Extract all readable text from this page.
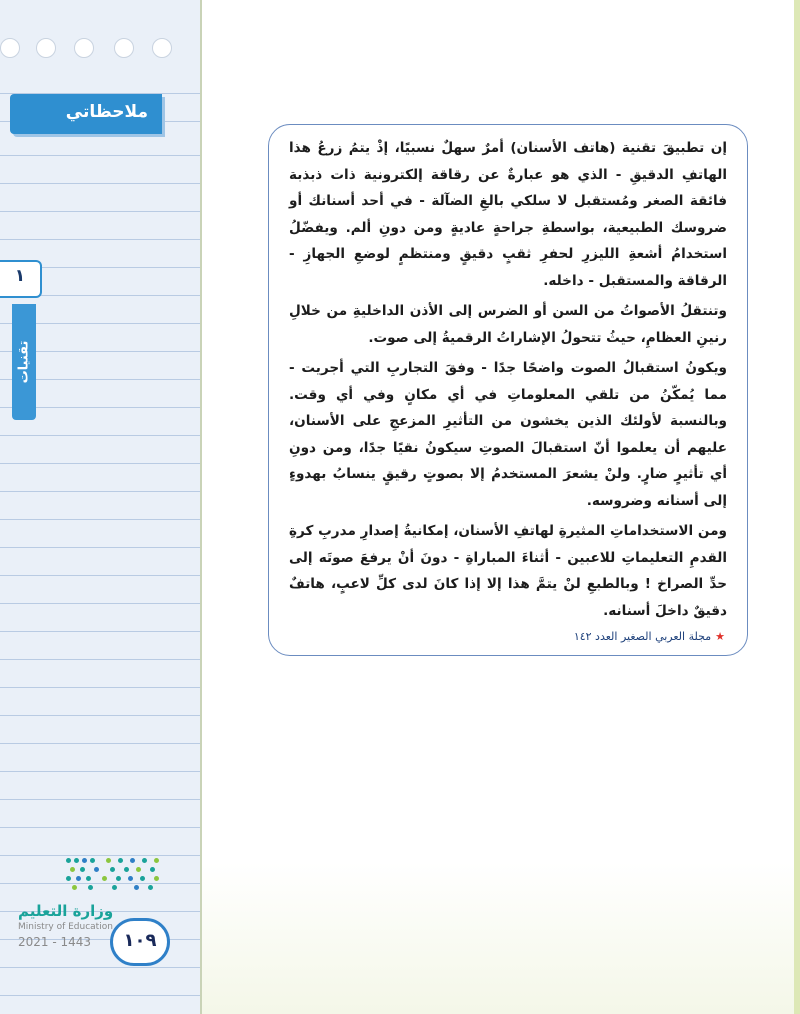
ملاحظاتي
١
تقنيات
وزارة التعليم
Ministry of Education
2021 - 1443	١٠٩

إن تطبيقَ تقنية (هاتف الأسنان) أمرٌ سهلٌ نسبيًا، إذْ يتمُ زرعُ هذا الهاتفِ الدقيقِ - الذي هو عبارةٌ عن رقاقة إلكترونية ذات ذبذبة فائقة الصغر ومُستقبل لا سلكي بالغِ الضآلة - في أحد أسنانك أو ضروسك الطبيعية، بواسطةِ جراحةٍ عاديةٍ ومن دونِ ألم. ويفضّلُ استخدامُ أشعةِ الليزرِ لحفرِ ثقبٍ دقيقٍ ومنتظمٍ لوضعِ الجهازِ - الرقاقة والمستقبل - داخله.

وتنتقلُ الأصواتُ من السن أو الضرس إلى الأذن الداخليةِ من خلالِ رنينِ العظامِ، حيثُ تتحولُ الإشاراتُ الرقميةُ إلى صوت.

ويكونُ استقبالُ الصوت واضحًا جدًا - وفقَ التجاربِ التي أجريت - مما يُمكّنُ من تلقي المعلوماتِ في أي مكانٍ وفي أي وقت. وبالنسبة لأولئك الذين يخشون من التأثيرِ المزعجِ على الأسنان، عليهم أن يعلموا أنّ استقبالَ الصوتِ سيكونُ نقيًا جدًا، ومن دونِ أي تأثيرٍ ضارٍ. ولنْ يشعرَ المستخدمُ إلا بصوتٍ رقيقٍ ينسابُ بهدوءٍ إلى أسنانه وضروسه.

ومن الاستخداماتِ المثيرةِ لهاتفِ الأسنان، إمكانيةُ إصدارِ مدربِ كرةِ القدمِ التعليماتِ للاعبين - أثناءَ المباراةِ - دونَ أنْ يرفعَ صوتَه إلى حدِّ الصراخ ! وبالطبعِ لنْ يتمَّ هذا إلا إذا كانَ لدى كلِّ لاعبٍ، هاتفٌ دقيقٌ داخلَ أسنانه.

★مجلة العربي الصغير العدد ١٤٢
